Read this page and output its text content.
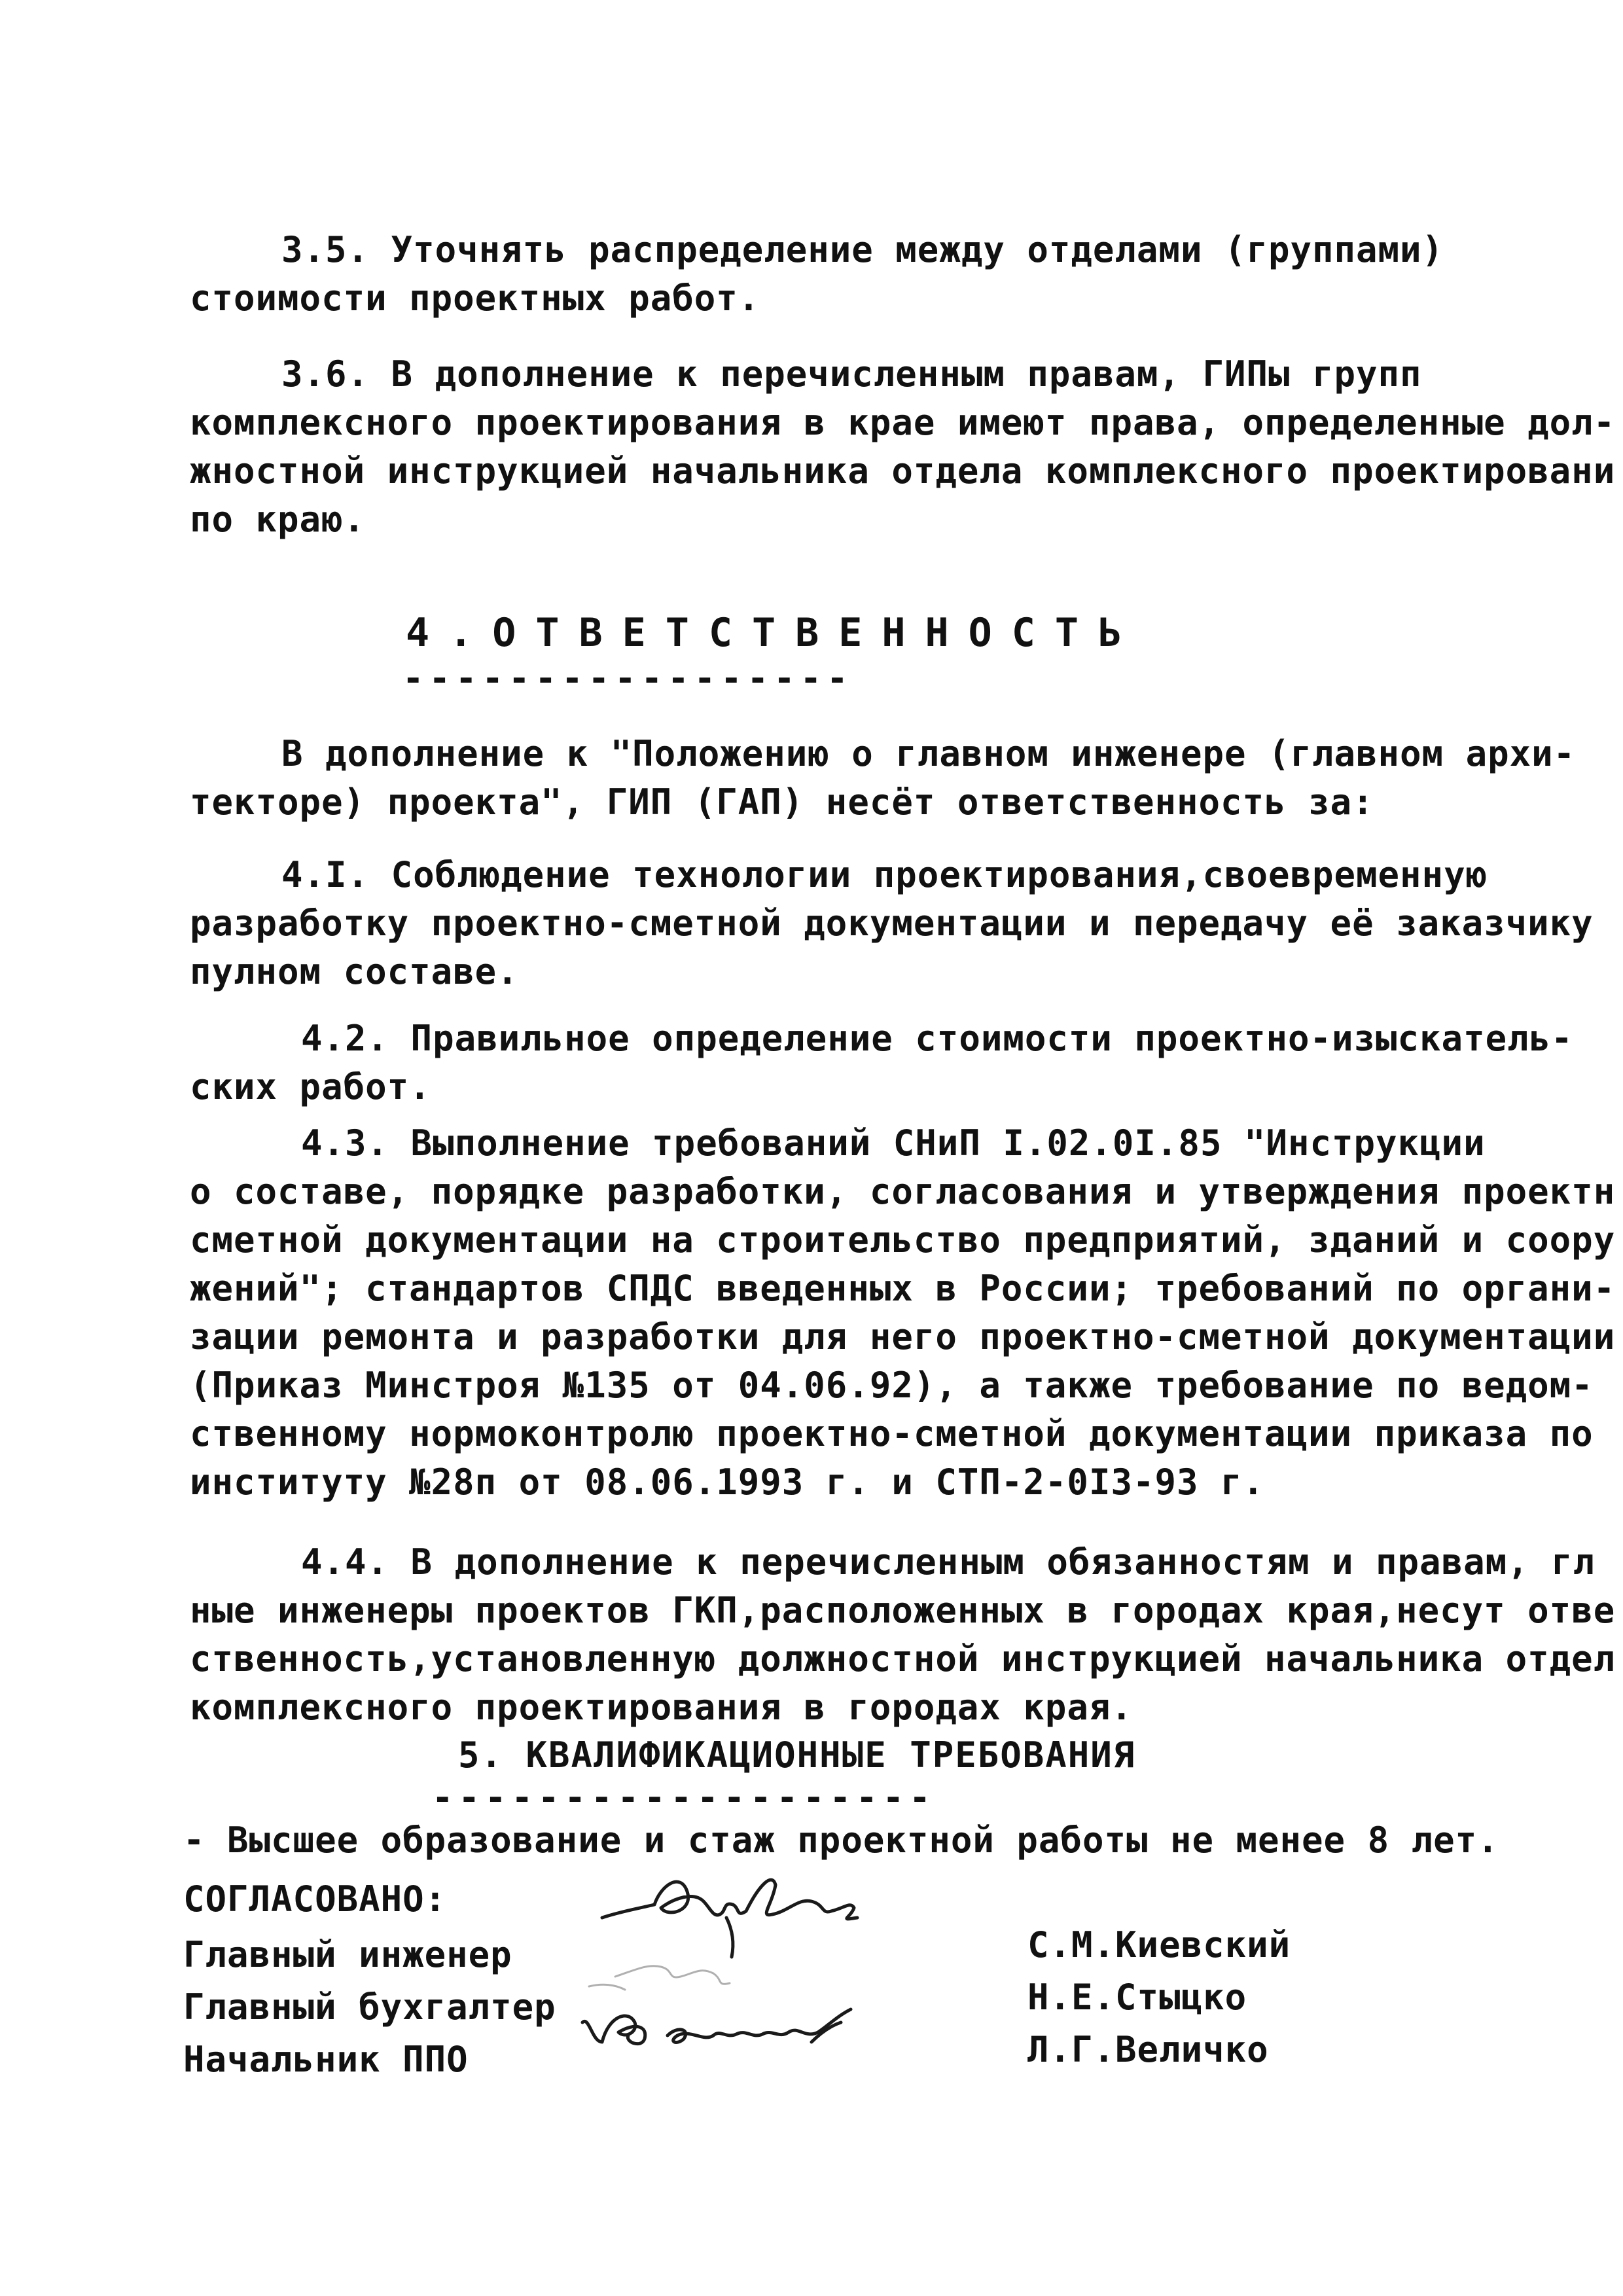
3.5. Уточнять распределение между отделами (группами)
стоимости проектных работ.
3.6. В дополнение к перечисленным правам, ГИПы групп
комплексного проектирования в крае имеют права, определенные дол-
жностной инструкцией начальника отдела комплексного проектировани
по краю.
4.ОТВЕТСТВЕННОСТЬ
-----------------
В дополнение к "Положению о главном инженере (главном архи-
текторе) проекта", ГИП (ГАП) несёт ответственность за:
4.I. Соблюдение технологии проектирования,своевременную
разработку проектно-сметной документации и передачу её заказчику
пулном составе.
4.2. Правильное определение стоимости проектно-изыскатель-
ских работ.
4.3. Выполнение требований СНиП I.02.0I.85 "Инструкции
о составе, порядке разработки, согласования и утверждения проектн
сметной документации на строительство предприятий, зданий и соору
жений"; стандартов СПДС введенных в России; требований по органи-
зации ремонта и разработки для него проектно-сметной документации
(Приказ Минстроя №135 от 04.06.92), а также требование по ведом-
ственному нормоконтролю проектно-сметной документации приказа по
институту №28п от 08.06.1993 г. и СТП-2-0I3-93 г.
4.4. В дополнение к перечисленным обязанностям и правам, гл
ные инженеры проектов ГКП,расположенных в городах края,несут отве
ственность,установленную должностной инструкцией начальника отдел
комплексного проектирования в городах края.
5. КВАЛИФИКАЦИОННЫЕ ТРЕБОВАНИЯ
-------------------
- Высшее образование и стаж проектной работы не менее 8 лет.
СОГЛАСОВАНО:
Главный инженер
Главный бухгалтер
Начальник ППО
С.М.Киевский
Н.Е.Стыцко
Л.Г.Величко
